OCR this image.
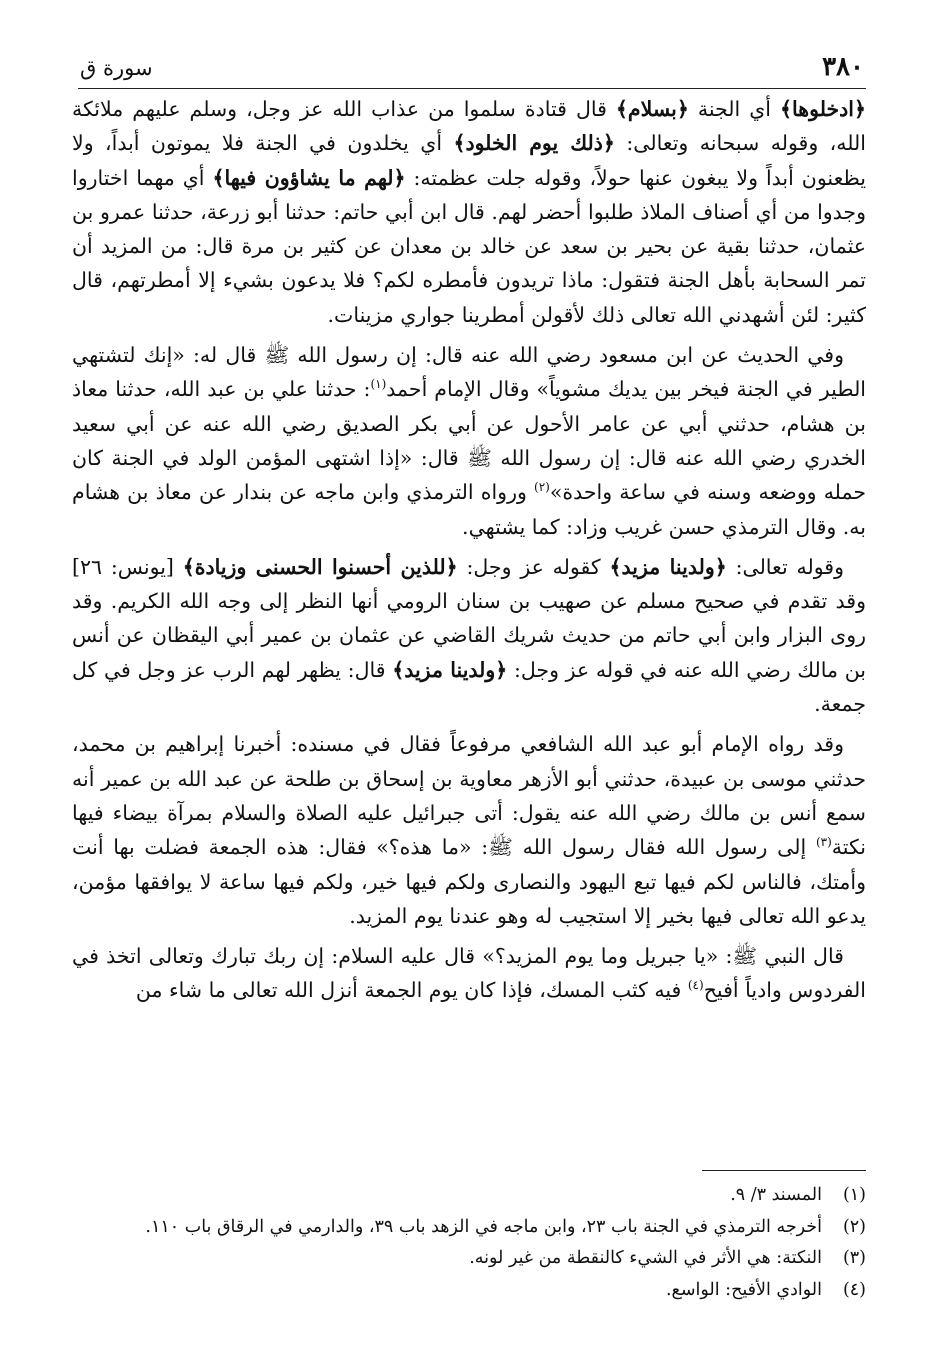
٣٨٠
سورة ق

﴿ادخلوها﴾ أي الجنة ﴿بسلام﴾ قال قتادة سلموا من عذاب الله عز وجل، وسلم عليهم ملائكة الله، وقوله سبحانه وتعالى: ﴿ذلك يوم الخلود﴾ أي يخلدون في الجنة فلا يموتون أبداً، ولا يظعنون أبداً ولا يبغون عنها حولاً، وقوله جلت عظمته: ﴿لهم ما يشاؤون فيها﴾ أي مهما اختاروا وجدوا من أي أصناف الملاذ طلبوا أحضر لهم. قال ابن أبي حاتم: حدثنا أبو زرعة، حدثنا عمرو بن عثمان، حدثنا بقية عن بحير بن سعد عن خالد بن معدان عن كثير بن مرة قال: من المزيد أن تمر السحابة بأهل الجنة فتقول: ماذا تريدون فأمطره لكم؟ فلا يدعون بشيء إلا أمطرتهم، قال كثير: لئن أشهدني الله تعالى ذلك لأقولن أمطرينا جواري مزينات.

وفي الحديث عن ابن مسعود رضي الله عنه قال: إن رسول الله ﷺ قال له: «إنك لتشتهي الطير في الجنة فيخر بين يديك مشوياً» وقال الإمام أحمد$^{(١)}$: حدثنا علي بن عبد الله، حدثنا معاذ بن هشام، حدثني أبي عن عامر الأحول عن أبي بكر الصديق رضي الله عنه عن أبي سعيد الخدري رضي الله عنه قال: إن رسول الله ﷺ قال: «إذا اشتهى المؤمن الولد في الجنة كان حمله ووضعه وسنه في ساعة واحدة»$^{(٢)}$ ورواه الترمذي وابن ماجه عن بندار عن معاذ بن هشام به. وقال الترمذي حسن غريب وزاد: كما يشتهي.

وقوله تعالى: ﴿ولدينا مزيد﴾ كقوله عز وجل: ﴿للذين أحسنوا الحسنى وزيادة﴾ [يونس: ٢٦] وقد تقدم في صحيح مسلم عن صهيب بن سنان الرومي أنها النظر إلى وجه الله الكريم. وقد روى البزار وابن أبي حاتم من حديث شريك القاضي عن عثمان بن عمير أبي اليقظان عن أنس بن مالك رضي الله عنه في قوله عز وجل: ﴿ولدينا مزيد﴾ قال: يظهر لهم الرب عز وجل في كل جمعة.

وقد رواه الإمام أبو عبد الله الشافعي مرفوعاً فقال في مسنده: أخبرنا إبراهيم بن محمد، حدثني موسى بن عبيدة، حدثني أبو الأزهر معاوية بن إسحاق بن طلحة عن عبد الله بن عمير أنه سمع أنس بن مالك رضي الله عنه يقول: أتى جبرائيل عليه الصلاة والسلام بمرآة بيضاء فيها نكتة$^{(٣)}$ إلى رسول الله فقال رسول الله ﷺ: «ما هذه؟» فقال: هذه الجمعة فضلت بها أنت وأمتك، فالناس لكم فيها تبع اليهود والنصارى ولكم فيها خير، ولكم فيها ساعة لا يوافقها مؤمن، يدعو الله تعالى فيها بخير إلا استجيب له وهو عندنا يوم المزيد.

قال النبي ﷺ: «يا جبريل وما يوم المزيد؟» قال عليه السلام: إن ربك تبارك وتعالى اتخذ في الفردوس وادياً أفيح$^{(٤)}$ فيه كثب المسك، فإذا كان يوم الجمعة أنزل الله تعالى ما شاء من

(١)
المسند ٣/ ٩.
(٢)
أخرجه الترمذي في الجنة باب ٢٣، وابن ماجه في الزهد باب ٣٩، والدارمي في الرقاق باب ١١٠.
(٣)
النكتة: هي الأثر في الشيء كالنقطة من غير لونه.
(٤)
الوادي الأفيح: الواسع.
